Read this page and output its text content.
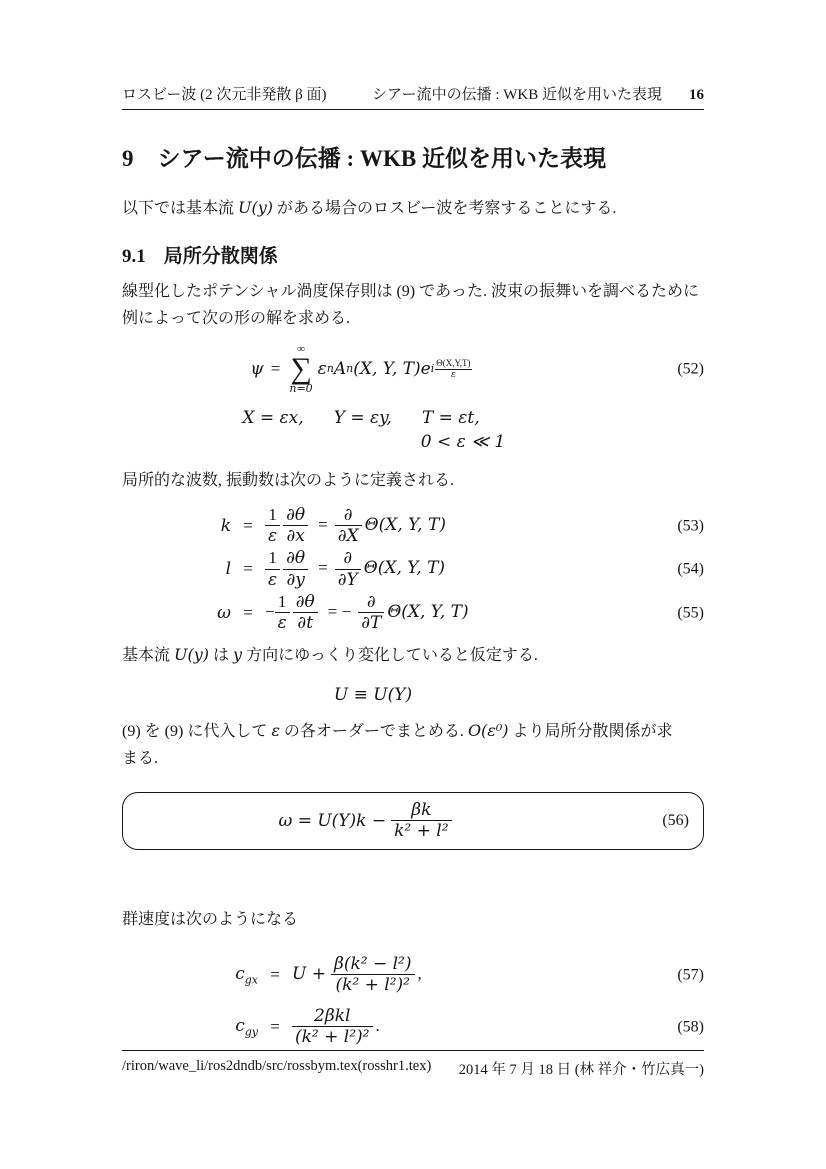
ロスビー波 (2 次元非発散 β 面)	シアー流中の伝播 : WKB 近似を用いた表現 16
9 シアー流中の伝播 : WKB 近似を用いた表現

以下では基本流 U(y) がある場合のロスビー波を考察することにする.

9.1 局所分散関係

線型化したポテンシャル渦度保存則は (9) であった. 波束の振舞いを調べるために
例によって次の形の解を求める.

ψ =
∞
∑
n=0
ε n A n (X, Y, T)e i $\frac{\Theta(X,Y,T)}{\varepsilon}$	(52)
X = εx, Y = εy, T = εt,
0 < ε ≪ 1

局所的な波数, 振動数は次のように定義される.

$k = \frac{1}{\varepsilon} \frac{\partial\theta}{\partial x} = \frac{\partial}{\partial X} \Theta(X$, Y, T)	(53)
$l = \frac{1}{\varepsilon} \frac{\partial\theta}{\partial y} = \frac{\partial}{\partial Y} \Theta(X$, Y, T)	(54)
ω = − $\frac{1}{\varepsilon} \frac{\partial\theta}{\partial t}$ = − $\frac{\partial}{\partial T} \Theta(X$, Y, T)	(55)

基本流 U(y) は y 方向にゆっくり変化していると仮定する.

U ≡ U(Y)

(9) を (9) に代入して ε の各オーダーでまとめる. O(ε⁰) より局所分散関係が求
まる.

$\omega = U(Y)k - \frac{\beta k}{\text{k² + l²}}$	(56)

群速度は次のようになる

$c_{gx} = U + \frac{\text{β(k² − l²)}}{\text{(k² + l²)²}}$ ,	(57)
$c_{gy} = \frac{\text{2βkl}}{\text{(k² + l²)²}}$ .	(58)
/riron/wave_li/ros2dndb/src/rossbym.tex(rosshr1.tex) 2014 年 7 月 18 日 (林 祥介・竹広真一)
